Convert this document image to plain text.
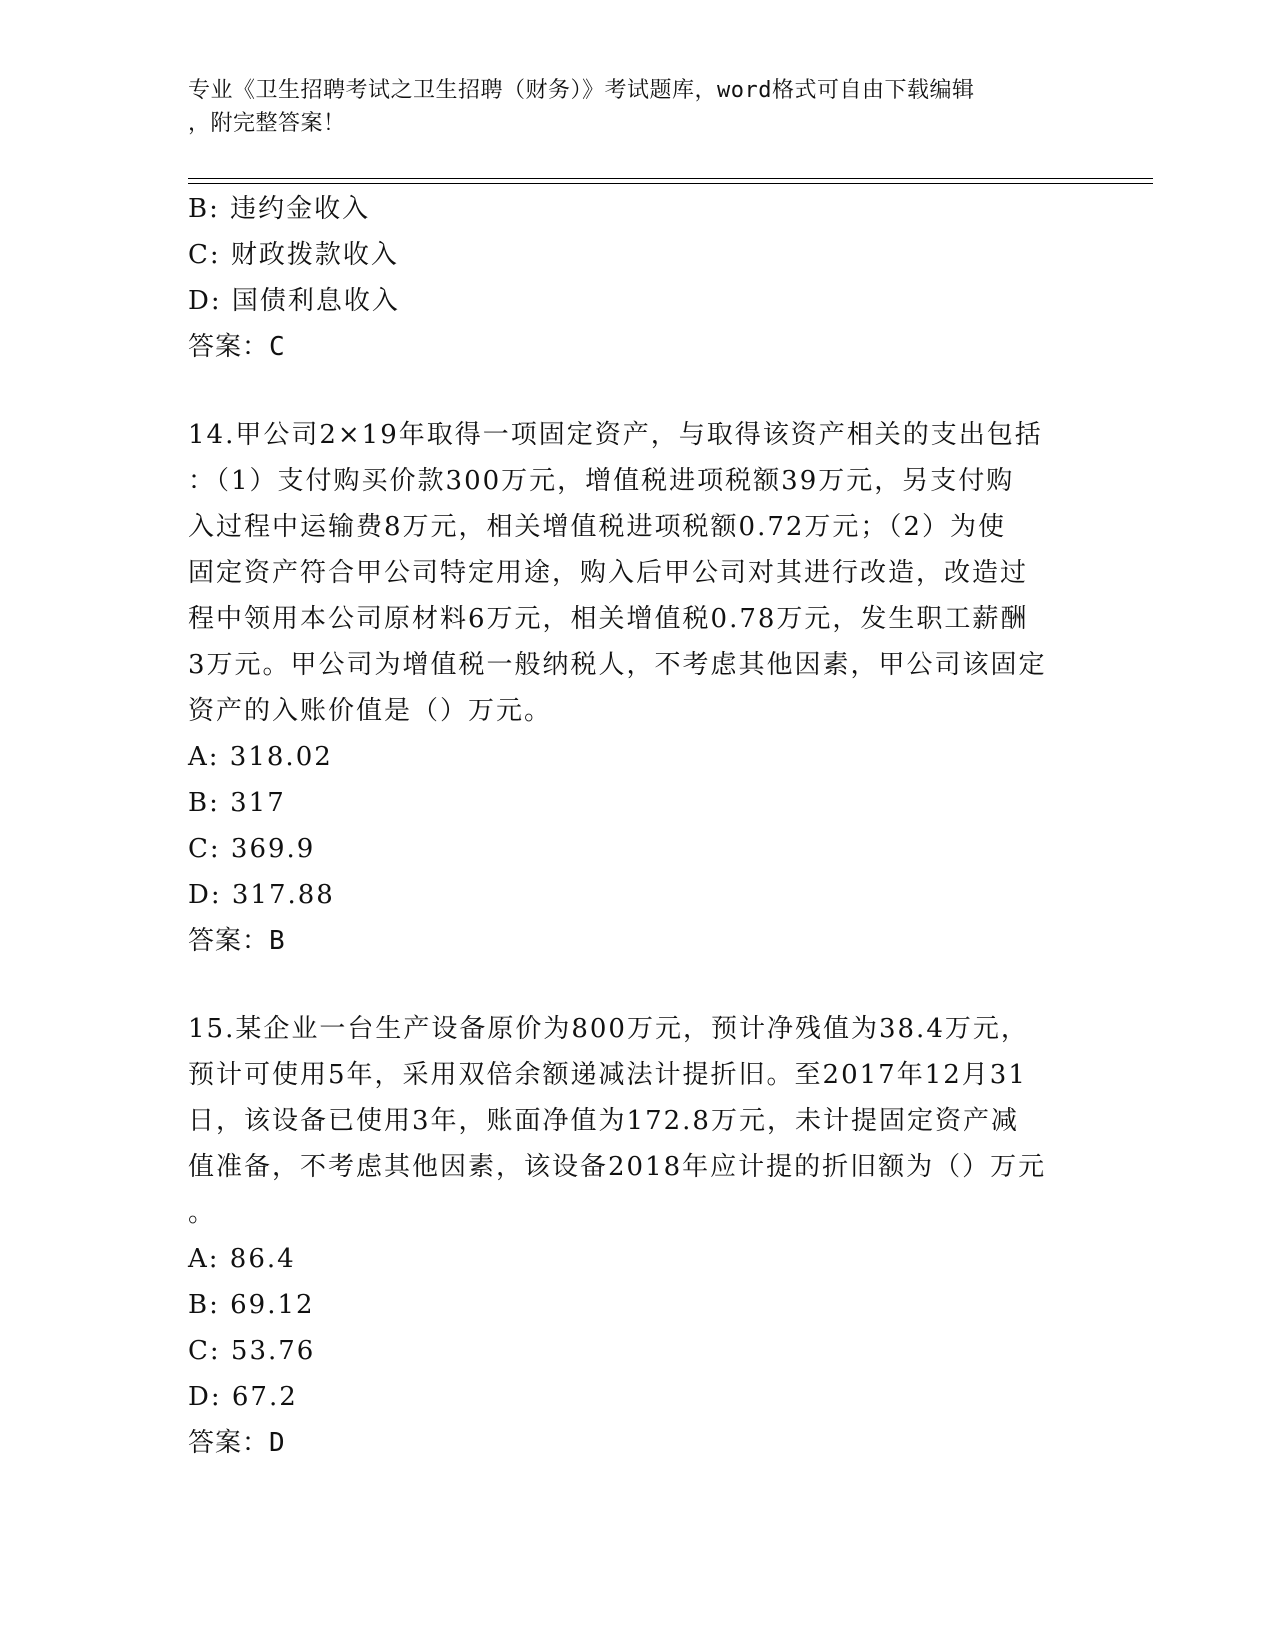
专业《卫生招聘考试之卫生招聘（财务）》考试题库，word格式可自由下载编辑
，附完整答案！
B: 违约金收入
C: 财政拨款收入
D: 国债利息收入
答案：C
14.甲公司2×19年取得一项固定资产，与取得该资产相关的支出包括
：（1）支付购买价款300万元，增值税进项税额39万元，另支付购
入过程中运输费8万元，相关增值税进项税额0.72万元；（2）为使
固定资产符合甲公司特定用途，购入后甲公司对其进行改造，改造过
程中领用本公司原材料6万元，相关增值税0.78万元，发生职工薪酬
3万元。甲公司为增值税一般纳税人，不考虑其他因素，甲公司该固定
资产的入账价值是（）万元。
A: 318.02
B: 317
C: 369.9
D: 317.88
答案：B
15.某企业一台生产设备原价为800万元，预计净残值为38.4万元，
预计可使用5年，采用双倍余额递减法计提折旧。至2017年12月31
日，该设备已使用3年，账面净值为172.8万元，未计提固定资产减
值准备，不考虑其他因素，该设备2018年应计提的折旧额为（）万元
。
A: 86.4
B: 69.12
C: 53.76
D: 67.2
答案：D
